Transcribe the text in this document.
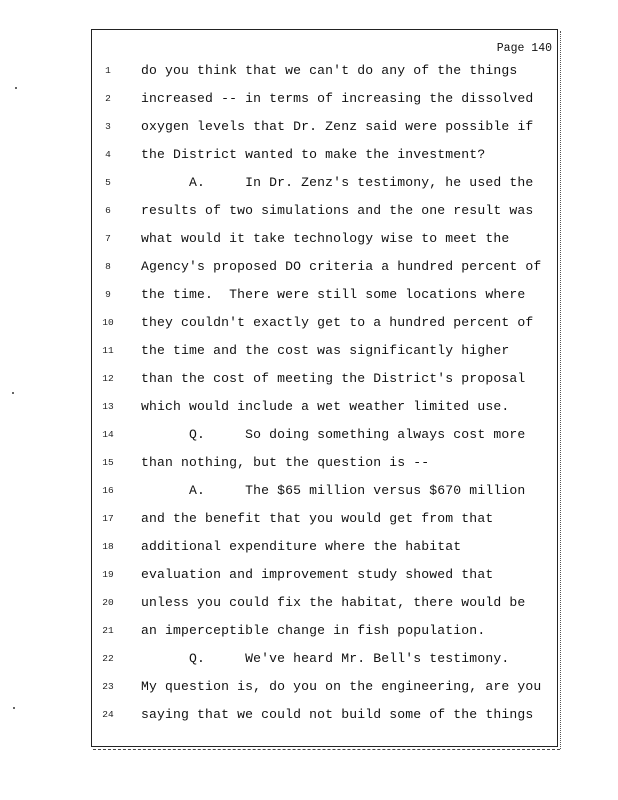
Page 140
1	do you think that we can't do any of the things
2	increased -- in terms of increasing the dissolved
3	oxygen levels that Dr. Zenz said were possible if
4	the District wanted to make the investment?
5	A.     In Dr. Zenz's testimony, he used the
6	results of two simulations and the one result was
7	what would it take technology wise to meet the
8	Agency's proposed DO criteria a hundred percent of
9	the time.  There were still some locations where
10	they couldn't exactly get to a hundred percent of
11	the time and the cost was significantly higher
12	than the cost of meeting the District's proposal
13	which would include a wet weather limited use.
14	Q.     So doing something always cost more
15	than nothing, but the question is --
16	A.     The $65 million versus $670 million
17	and the benefit that you would get from that
18	additional expenditure where the habitat
19	evaluation and improvement study showed that
20	unless you could fix the habitat, there would be
21	an imperceptible change in fish population.
22	Q.     We've heard Mr. Bell's testimony.
23	My question is, do you on the engineering, are you
24	saying that we could not build some of the things
